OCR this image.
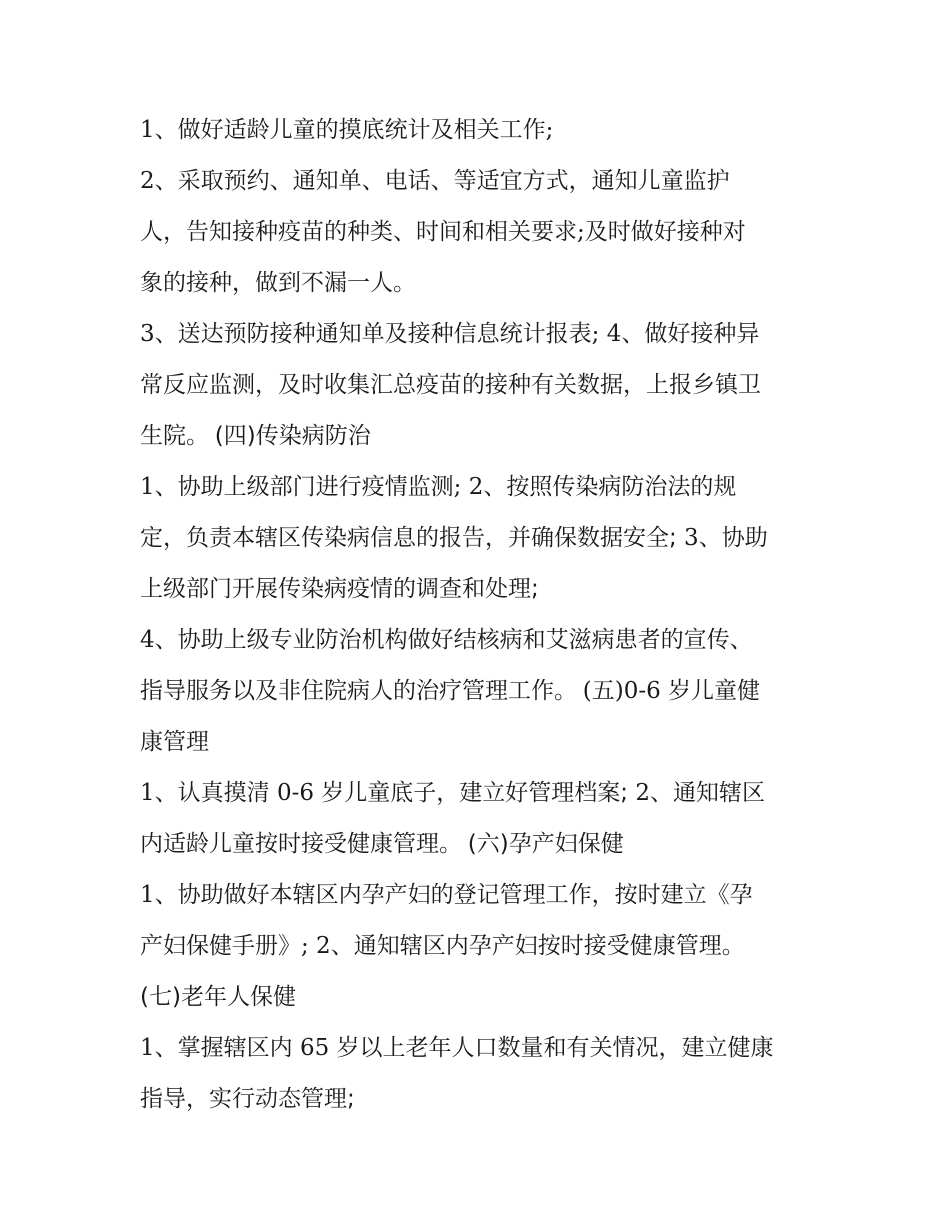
1、做好适龄儿童的摸底统计及相关工作;
2、采取预约、通知单、电话、等适宜方式，通知儿童监护
人，告知接种疫苗的种类、时间和相关要求;及时做好接种对
象的接种，做到不漏一人。
3、送达预防接种通知单及接种信息统计报表; 4、做好接种异
常反应监测，及时收集汇总疫苗的接种有关数据，上报乡镇卫
生院。 (四)传染病防治
1、协助上级部门进行疫情监测; 2、按照传染病防治法的规
定，负责本辖区传染病信息的报告，并确保数据安全; 3、协助
上级部门开展传染病疫情的调查和处理;
4、协助上级专业防治机构做好结核病和艾滋病患者的宣传、
指导服务以及非住院病人的治疗管理工作。 (五)0-6 岁儿童健
康管理
1、认真摸清 0-6 岁儿童底子，建立好管理档案; 2、通知辖区
内适龄儿童按时接受健康管理。 (六)孕产妇保健
1、协助做好本辖区内孕产妇的登记管理工作，按时建立《孕
产妇保健手册》; 2、通知辖区内孕产妇按时接受健康管理。
(七)老年人保健
1、掌握辖区内 65 岁以上老年人口数量和有关情况，建立健康
指导，实行动态管理;
